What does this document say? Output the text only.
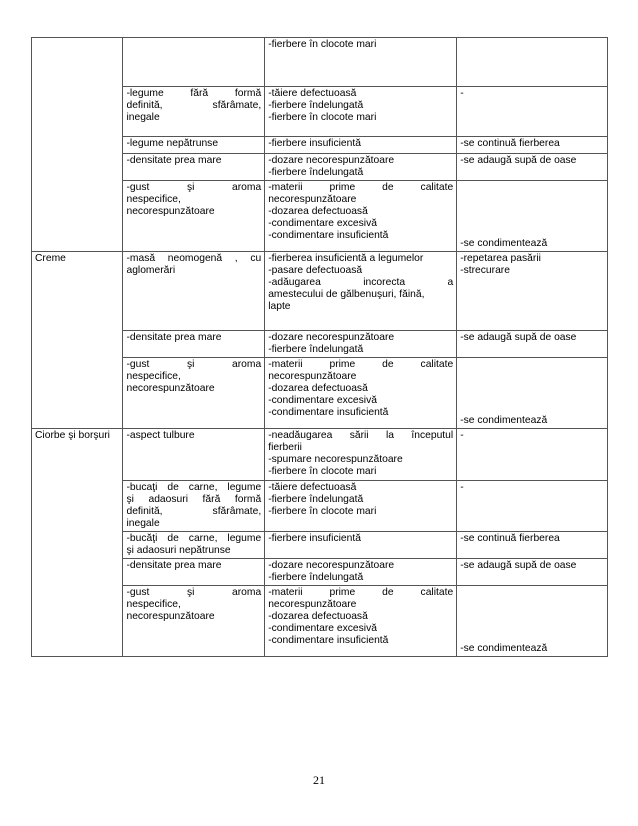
		-fierbere în clocote mari	

	-legume fără formă
definită, sfărâmate,
inegale	-tăiere defectuoasă
-fierbere îndelungată
-fierbere în clocote mari	-

	-legume nepătrunse	-fierbere insuficientă	-se continuă fierberea

	-densitate prea mare	-dozare necorespunzătoare
-fierbere îndelungată	-se adaugă supă de oase

	-gust şi aroma
nespecifice,
necorespunzătoare	-materii prime de calitate
necorespunzătoare
-dozarea defectuoasă
-condimentare excesivă
-condimentare insuficientă	-se condimentează

Creme	-masă neomogenă , cu
aglomerări	-fierberea insuficientă a legumelor
-pasare defectuoasă
-adăugarea incorecta a
amestecului de gălbenuşuri, făină,
lapte	-repetarea pasării
-strecurare

	-densitate prea mare	-dozare necorespunzătoare
-fierbere îndelungată	-se adaugă supă de oase

	-gust şi aroma
nespecifice,
necorespunzătoare	-materii prime de calitate
necorespunzătoare
-dozarea defectuoasă
-condimentare excesivă
-condimentare insuficientă	-se condimentează

Ciorbe şi borşuri	-aspect tulbure	-neadăugarea sării la începutul
fierberii
-spumare necorespunzătoare
-fierbere în clocote mari	-

	-bucaţi de carne, legume
şi adaosuri fără formă
definită, sfărâmate,
inegale	-tăiere defectuoasă
-fierbere îndelungată
-fierbere în clocote mari	-

	-bucăţi de carne, legume
şi adaosuri nepătrunse	-fierbere insuficientă	-se continuă fierberea

	-densitate prea mare	-dozare necorespunzătoare
-fierbere îndelungată	-se adaugă supă de oase

	-gust şi aroma
nespecifice,
necorespunzătoare	-materii prime de calitate
necorespunzătoare
-dozarea defectuoasă
-condimentare excesivă
-condimentare insuficientă	-se condimentează
21
